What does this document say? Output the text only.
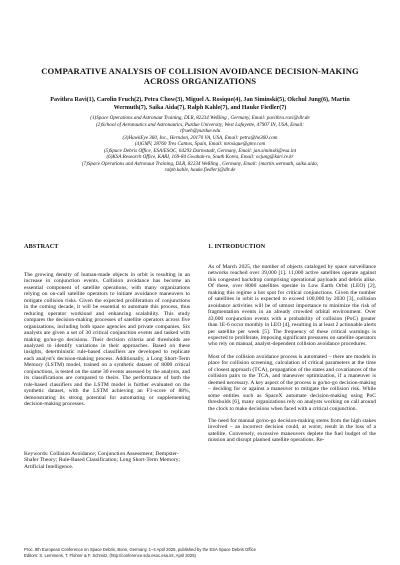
COMPARATIVE ANALYSIS OF COLLISION AVOIDANCE DECISION-MAKING
ACROSS ORGANIZATIONS
Pavithra Ravi(1), Carolin Fruch(2), Petra Chow(3), Miguel A. Rosique(4), Jan Siminski(5), Okchul Jung(6), Martin
Wermuth(7), Saika Aida(7), Ralph Kahle(7), and Hauke Fiedler(7)
(1)Space Operations and Astronaut Training, DLR, 82234 Weßling , Germany, Email: pavithra.ravi@dlr.de
(2)School of Aeronautics and Astronautics, Purdue University, West Lafayette, 47907 IN, USA, Email:
cfrueh@purdue.edu
(3)HawkEye 360, Inc., Herndon, 20170 VA, USA, Email: petra@he360.com
(4)GMV, 28760 Tres Cantos, Spain, Email: mrosique@gmv.com
(5)Space Debris Office, ESA/ESOC, 64293 Darmstadt, Germany, Email: jan.siminski@esa.int
(6)KSA Research Office, KARI, 169-84 Gwahak-ro, South Korea, Email: ocjung@kari.re.kr
(7)Space Operations and Astronaut Training, DLR, 82234 Weßling , Germany, Email: {martin.wermuth, saika.aida,
ralph.kahle, hauke.fiedler}@dlr.de
ABSTRACT

The growing density of human-made objects in orbit is resulting in an increase in conjunction events. Collision avoidance has become an essential component of satellite operations, with many organizations relying on on-call satellite operators to initiate avoidance maneuvers to mitigate collision risks. Given the expected proliferation of conjunctions in the coming decade, it will be essential to automate this process, thus reducing operator workload and enhancing scalability. This study compares the decision-making processes of satellite operators across five organizations, including both space agencies and private companies. Six analysts are given a set of 30 critical conjunction events and tasked with making go/no-go decisions. Their decision criteria and thresholds are analyzed to identify variations in their approaches. Based on these insights, deterministic rule-based classifiers are developed to replicate each analyst's decision-making process. Additionally, a Long Short-Term Memory (LSTM) model, trained on a synthetic dataset of 8000 critical conjunctions, is tested on the same 30 events assessed by the analysts, and its classifications are compared to theirs. The performance of both the rule-based classifiers and the LSTM model is further evaluated on the synthetic dataset, with the LSTM achieving an F1-score of 88%, demonstrating its strong potential for automating or supplementing decision-making processes.

Keywords: Collision Avoidance; Conjunction Assessment; Dempster-Shafer Theory; Rule-Based Classification; Long Short-Term Memory; Artificial Intelligence.
1. INTRODUCTION

As of March 2025, the number of objects cataloged by space surveillance networks reached over 39,000 [1]. 11,000 active satellites operate against this congested backdrop comprising operational payloads and debris alike. Of these, over 8000 satellites operate in Low Earth Orbit (LEO) [2], making this regime a hot spot for critical conjunctions. Given the number of satellites in orbit is expected to exceed 100,000 by 2030 [3], collision avoidance activities will be of utmost importance to minimize the risk of fragmentation events in an already crowded orbital environment. Over 43,000 conjunction events with a probability of collision (PoC) greater than 1E-6 occur monthly in LEO [4], resulting in at least 2 actionable alerts per satellite per week [5]. The frequency of these critical warnings is expected to proliferate, imposing significant pressures on satellite operators who rely on manual, analyst-dependent collision avoidance procedures.

Most of the collision avoidance process is automated – there are models in place for collision screening, calculation of critical parameters at the time of closest approach (TCA), propagation of the states and covariances of the collision pairs to the TCA, and maneuver optimization, if a maneuver is deemed necessary. A key aspect of the process is go/no-go decision-making – deciding for or against a maneuver to mitigate the collision risk. While some entities such as SpaceX automate decision-making using PoC thresholds [6], many organizations rely on analysts working on call around the clock to make decisions when faced with a critical conjunction.

The need for manual go/no-go decision-making stems from the high stakes involved – an incorrect decision could, at worst, result in the loss of a satellite. Conversely, excessive maneuvers deplete the fuel budget of the mission and disrupt planned satellite operations. Re-

Proc. 9th European Conference on Space Debris, Bonn, Germany, 1–4 April 2025, published by the ESA Space Debris Office
Editors: S. Lemmens, T. Flohrer & F. Schmitz, (http://conference.sdo.esoc.esa.int, April 2025)
